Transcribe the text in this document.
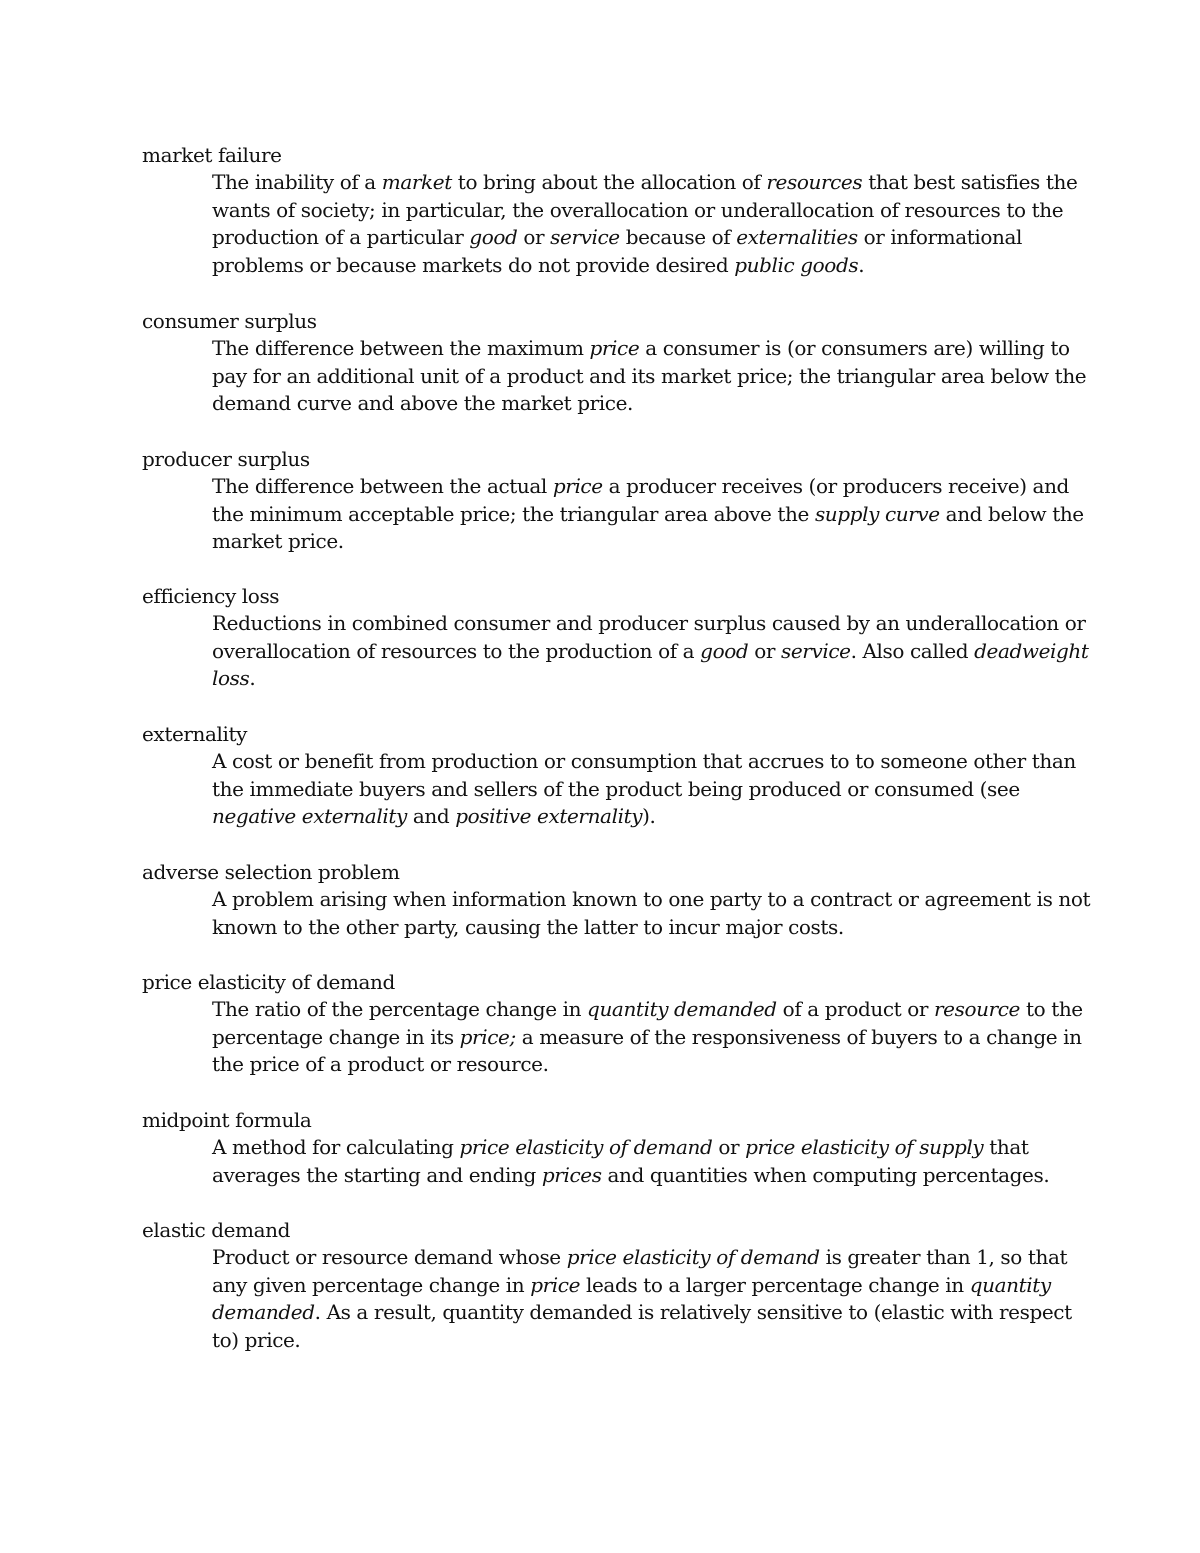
market failure

The inability of a market to bring about the allocation of resources that best satisfies the wants of society; in particular, the overallocation or underallocation of resources to the production of a particular good or service because of externalities or informational problems or because markets do not provide desired public goods.

consumer surplus

The difference between the maximum price a consumer is (or consumers are) willing to pay for an additional unit of a product and its market price; the triangular area below the demand curve and above the market price.

producer surplus

The difference between the actual price a producer receives (or producers receive) and the minimum acceptable price; the triangular area above the supply curve and below the market price.

efficiency loss

Reductions in combined consumer and producer surplus caused by an underallocation or overallocation of resources to the production of a good or service. Also called deadweight loss.

externality

A cost or benefit from production or consumption that accrues to to someone other than the immediate buyers and sellers of the product being produced or consumed (see negative externality and positive externality).

adverse selection problem

A problem arising when information known to one party to a contract or agreement is not known to the other party, causing the latter to incur major costs.

price elasticity of demand

The ratio of the percentage change in quantity demanded of a product or resource to the percentage change in its price; a measure of the responsiveness of buyers to a change in the price of a product or resource.

midpoint formula

A method for calculating price elasticity of demand or price elasticity of supply that averages the starting and ending prices and quantities when computing percentages.

elastic demand

Product or resource demand whose price elasticity of demand is greater than 1, so that any given percentage change in price leads to a larger percentage change in quantity demanded. As a result, quantity demanded is relatively sensitive to (elastic with respect to) price.
